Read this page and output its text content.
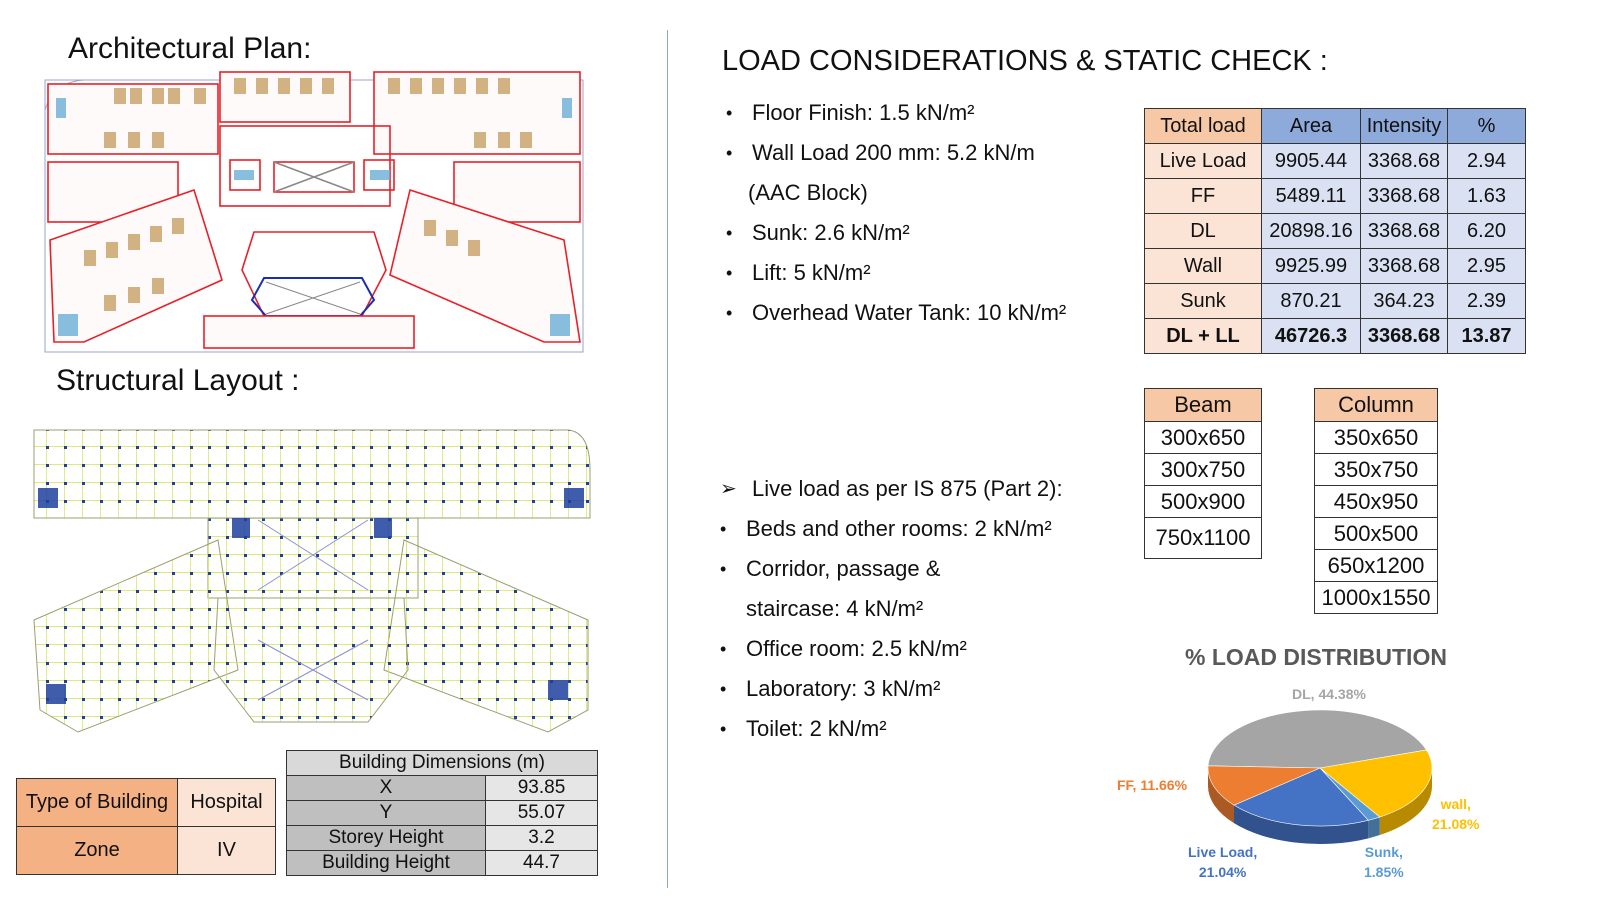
Architectural Plan:
Structural Layout :
Type of Building	Hospital
Zone	IV
Building Dimensions (m)	
X	93.85
Y	55.07
Storey Height	3.2
Building Height	44.7
LOAD CONSIDERATIONS & STATIC CHECK :
• Floor Finish: 1.5 kN/m²
• Wall Load 200 mm: 5.2 kN/m
(AAC Block)
• Sunk: 2.6 kN/m²
• Lift: 5 kN/m²
• Overhead Water Tank: 10 kN/m²
Total load	Area	Intensity	%
Live Load	9905.44	3368.68	2.94
FF	5489.11	3368.68	1.63
DL	20898.16	3368.68	6.20
Wall	9925.99	3368.68	2.95
Sunk	870.21	364.23	2.39
DL + LL	46726.3	3368.68	13.87
Beam
300x650
300x750
500x900
750x1100
Column
350x650
350x750
450x950
500x500
650x1200
1000x1550
➢ Live load as per IS 875 (Part 2):
• Beds and other rooms: 2 kN/m²
• Corridor, passage &
staircase: 4 kN/m²
• Office room: 2.5 kN/m²
• Laboratory: 3 kN/m²
• Toilet: 2 kN/m²
% LOAD DISTRIBUTION
DL, 44.38%
FF, 11.66%
wall,
21.08%
Sunk,
1.85%
Live Load,
21.04%
